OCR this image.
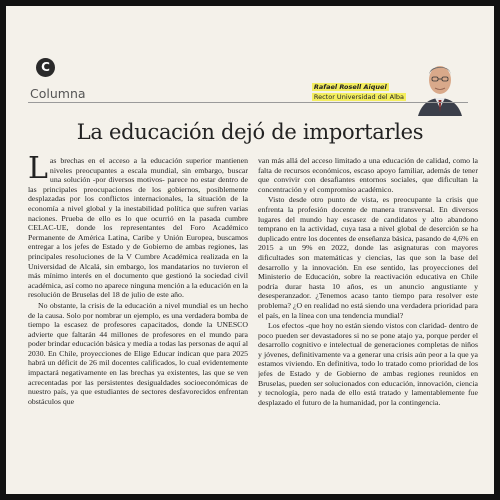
C
Columna	Rafael Rosell Aiquel
Rector Universidad del Alba
La educación dejó de importarles

Las brechas en el acceso a la educación superior mantienen niveles preocupantes a escala mundial, sin embargo, buscar una solución -por diversos motivos- parece no estar dentro de las principales preocupaciones de los gobiernos, posiblemente desplazadas por los conflictos internacionales, la situación de la economía a nivel global y la inestabilidad política que sufren varias naciones. Prueba de ello es lo que ocurrió en la pasada cumbre CELAC-UE, donde los representantes del Foro Académico Permanente de América Latina, Caribe y Unión Europea, buscamos entregar a los jefes de Estado y de Gobierno de ambas regiones, las principales resoluciones de la V Cumbre Académica realizada en la Universidad de Alcalá, sin embargo, los mandatarios no tuvieron el más mínimo interés en el documento que gestionó la sociedad civil académica, así como no aparece ninguna mención a la educación en la resolución de Bruselas del 18 de julio de este año.

No obstante, la crisis de la educación a nivel mundial es un hecho de la causa. Solo por nombrar un ejemplo, es una verdadera bomba de tiempo la escasez de profesores capacitados, donde la UNESCO advierte que faltarán 44 millones de profesores en el mundo para poder brindar educación básica y media a todas las personas de aquí al 2030. En Chile, proyecciones de Elige Educar indican que para 2025 habrá un déficit de 26 mil docentes calificados, lo cual evidentemente impactará negativamente en las brechas ya existentes, las que se ven acrecentadas por las persistentes desigualdades socioeconómicas de nuestro país, ya que estudiantes de sectores desfavorecidos enfrentan obstáculos que

van más allá del acceso limitado a una educación de calidad, como la falta de recursos económicos, escaso apoyo familiar, además de tener que convivir con desafiantes entornos sociales, que dificultan la concentración y el compromiso académico.

Visto desde otro punto de vista, es preocupante la crisis que enfrenta la profesión docente de manera transversal. En diversos lugares del mundo hay escasez de candidatos y alto abandono temprano en la actividad, cuya tasa a nivel global de deserción se ha duplicado entre los docentes de enseñanza básica, pasando de 4,6% en 2015 a un 9% en 2022, donde las asignaturas con mayores dificultades son matemáticas y ciencias, las que son la base del desarrollo y la innovación. En ese sentido, las proyecciones del Ministerio de Educación, sobre la reactivación educativa en Chile podría durar hasta 10 años, es un anuncio angustiante y desesperanzador. ¿Tenemos acaso tanto tiempo para resolver este problema? ¿O en realidad no está siendo una verdadera prioridad para el país, en la línea con una tendencia mundial?

Los efectos -que hoy no están siendo vistos con claridad- dentro de poco pueden ser devastadores si no se pone atajo ya, porque perder el desarrollo cognitivo e intelectual de generaciones completas de niños y jóvenes, definitivamente va a generar una crisis aún peor a la que ya estamos viviendo. En definitiva, todo lo tratado como prioridad de los jefes de Estado y de Gobierno de ambas regiones reunidos en Bruselas, pueden ser solucionados con educación, innovación, ciencia y tecnología, pero nada de ello está tratado y lamentablemente fue desplazado el futuro de la humanidad, por la contingencia.
